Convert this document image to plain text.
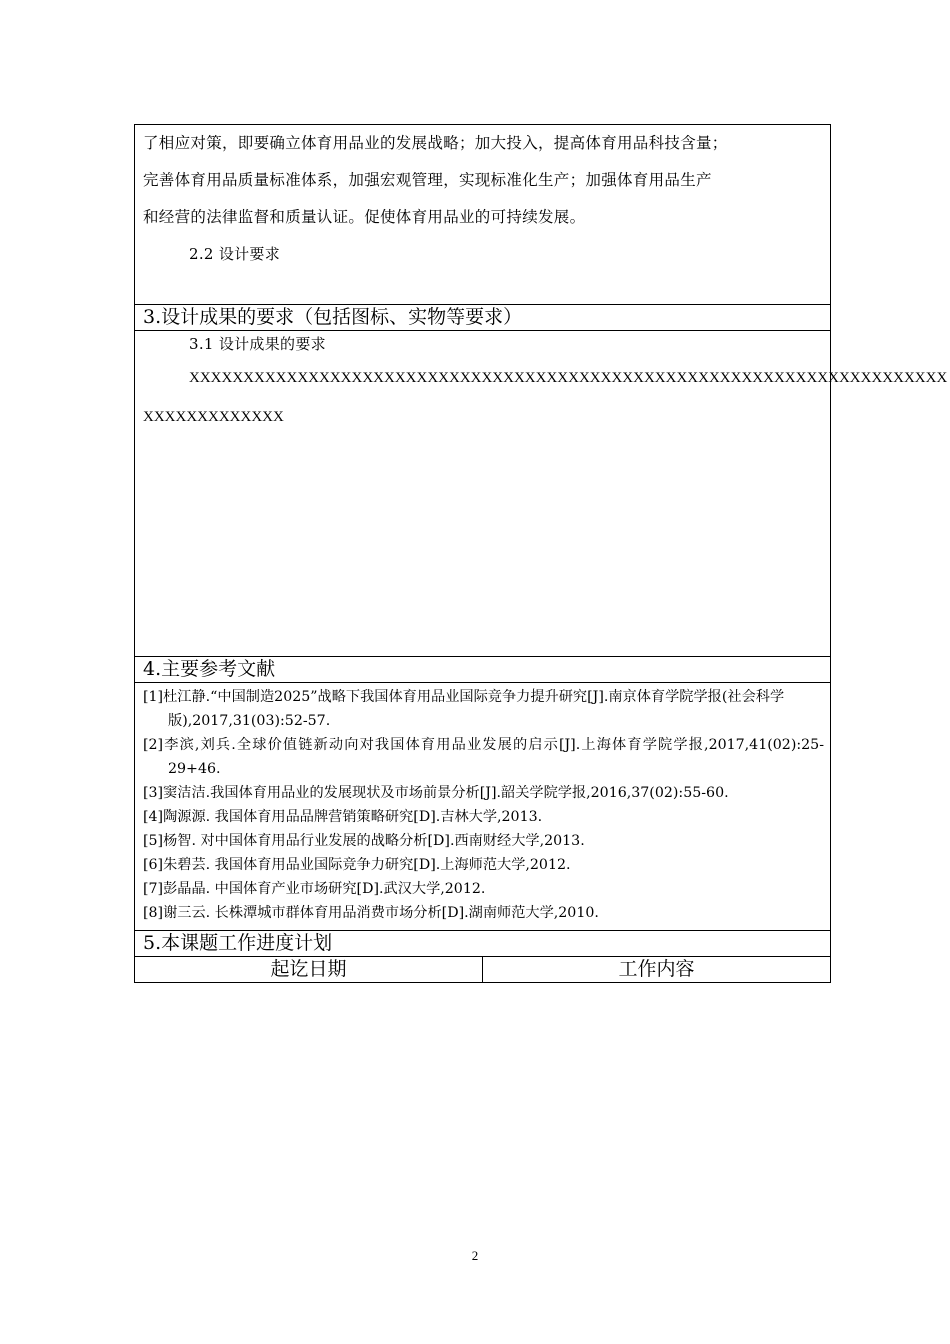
了相应对策，即要确立体育用品业的发展战略；加大投入，提高体育用品科技含量；
完善体育用品质量标准体系，加强宏观管理，实现标准化生产；加强体育用品生产
和经营的法律监督和质量认证。促使体育用品业的可持续发展。
2.2 设计要求
3.设计成果的要求（包括图标、实物等要求）
3.1 设计成果的要求
XXXXXXXXXXXXXXXXXXXXXXXXXXXXXXXXXXXXXXXXXXXXXXXXXXXXXXXXXXXXXXXXXXXXXX
XXXXXXXXXXXXX
4.主要参考文献
[1]杜江静.“中国制造2025”战略下我国体育用品业国际竞争力提升研究[J].南京体育学院学报(社会科学版),2017,31(03):52-57.
[2]李滨,刘兵.全球价值链新动向对我国体育用品业发展的启示[J].上海体育学院学报,2017,41(02):25-29+46.
[3]窦洁洁.我国体育用品业的发展现状及市场前景分析[J].韶关学院学报,2016,37(02):55-60.
[4]陶源源. 我国体育用品品牌营销策略研究[D].吉林大学,2013.
[5]杨智. 对中国体育用品行业发展的战略分析[D].西南财经大学,2013.
[6]朱碧芸. 我国体育用品业国际竞争力研究[D].上海师范大学,2012.
[7]彭晶晶. 中国体育产业市场研究[D].武汉大学,2012.
[8]谢三云. 长株潭城市群体育用品消费市场分析[D].湖南师范大学,2010.
5.本课题工作进度计划
起讫日期	工作内容
2
